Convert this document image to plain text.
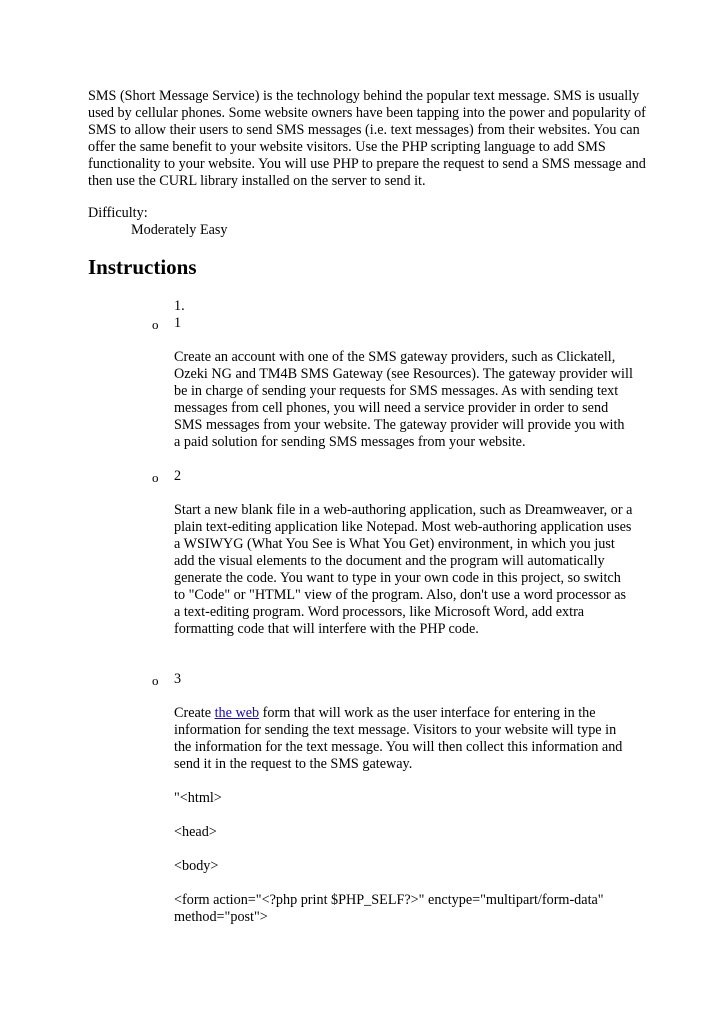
SMS (Short Message Service) is the technology behind the popular text message. SMS is usually used by cellular phones. Some website owners have been tapping into the power and popularity of SMS to allow their users to send SMS messages (i.e. text messages) from their websites. You can offer the same benefit to your website visitors. Use the PHP scripting language to add SMS functionality to your website. You will use PHP to prepare the request to send a SMS message and then use the CURL library installed on the server to send it.

Difficulty:

Moderately Easy

Instructions

1.

o 1

Create an account with one of the SMS gateway providers, such as Clickatell, Ozeki NG and TM4B SMS Gateway (see Resources). The gateway provider will be in charge of sending your requests for SMS messages. As with sending text messages from cell phones, you will need a service provider in order to send SMS messages from your website. The gateway provider will provide you with a paid solution for sending SMS messages from your website.

o 2

Start a new blank file in a web-authoring application, such as Dreamweaver, or a plain text-editing application like Notepad. Most web-authoring application uses a WSIWYG (What You See is What You Get) environment, in which you just add the visual elements to the document and the program will automatically generate the code. You want to type in your own code in this project, so switch to "Code" or "HTML" view of the program. Also, don't use a word processor as a text-editing program. Word processors, like Microsoft Word, add extra formatting code that will interfere with the PHP code.

o 3

Create the web form that will work as the user interface for entering in the information for sending the text message. Visitors to your website will type in the information for the text message. You will then collect this information and send it in the request to the SMS gateway.

"<html>

<head>

<body>

<form action="<?php print $PHP_SELF?>" enctype="multipart/form-data" method="post">
